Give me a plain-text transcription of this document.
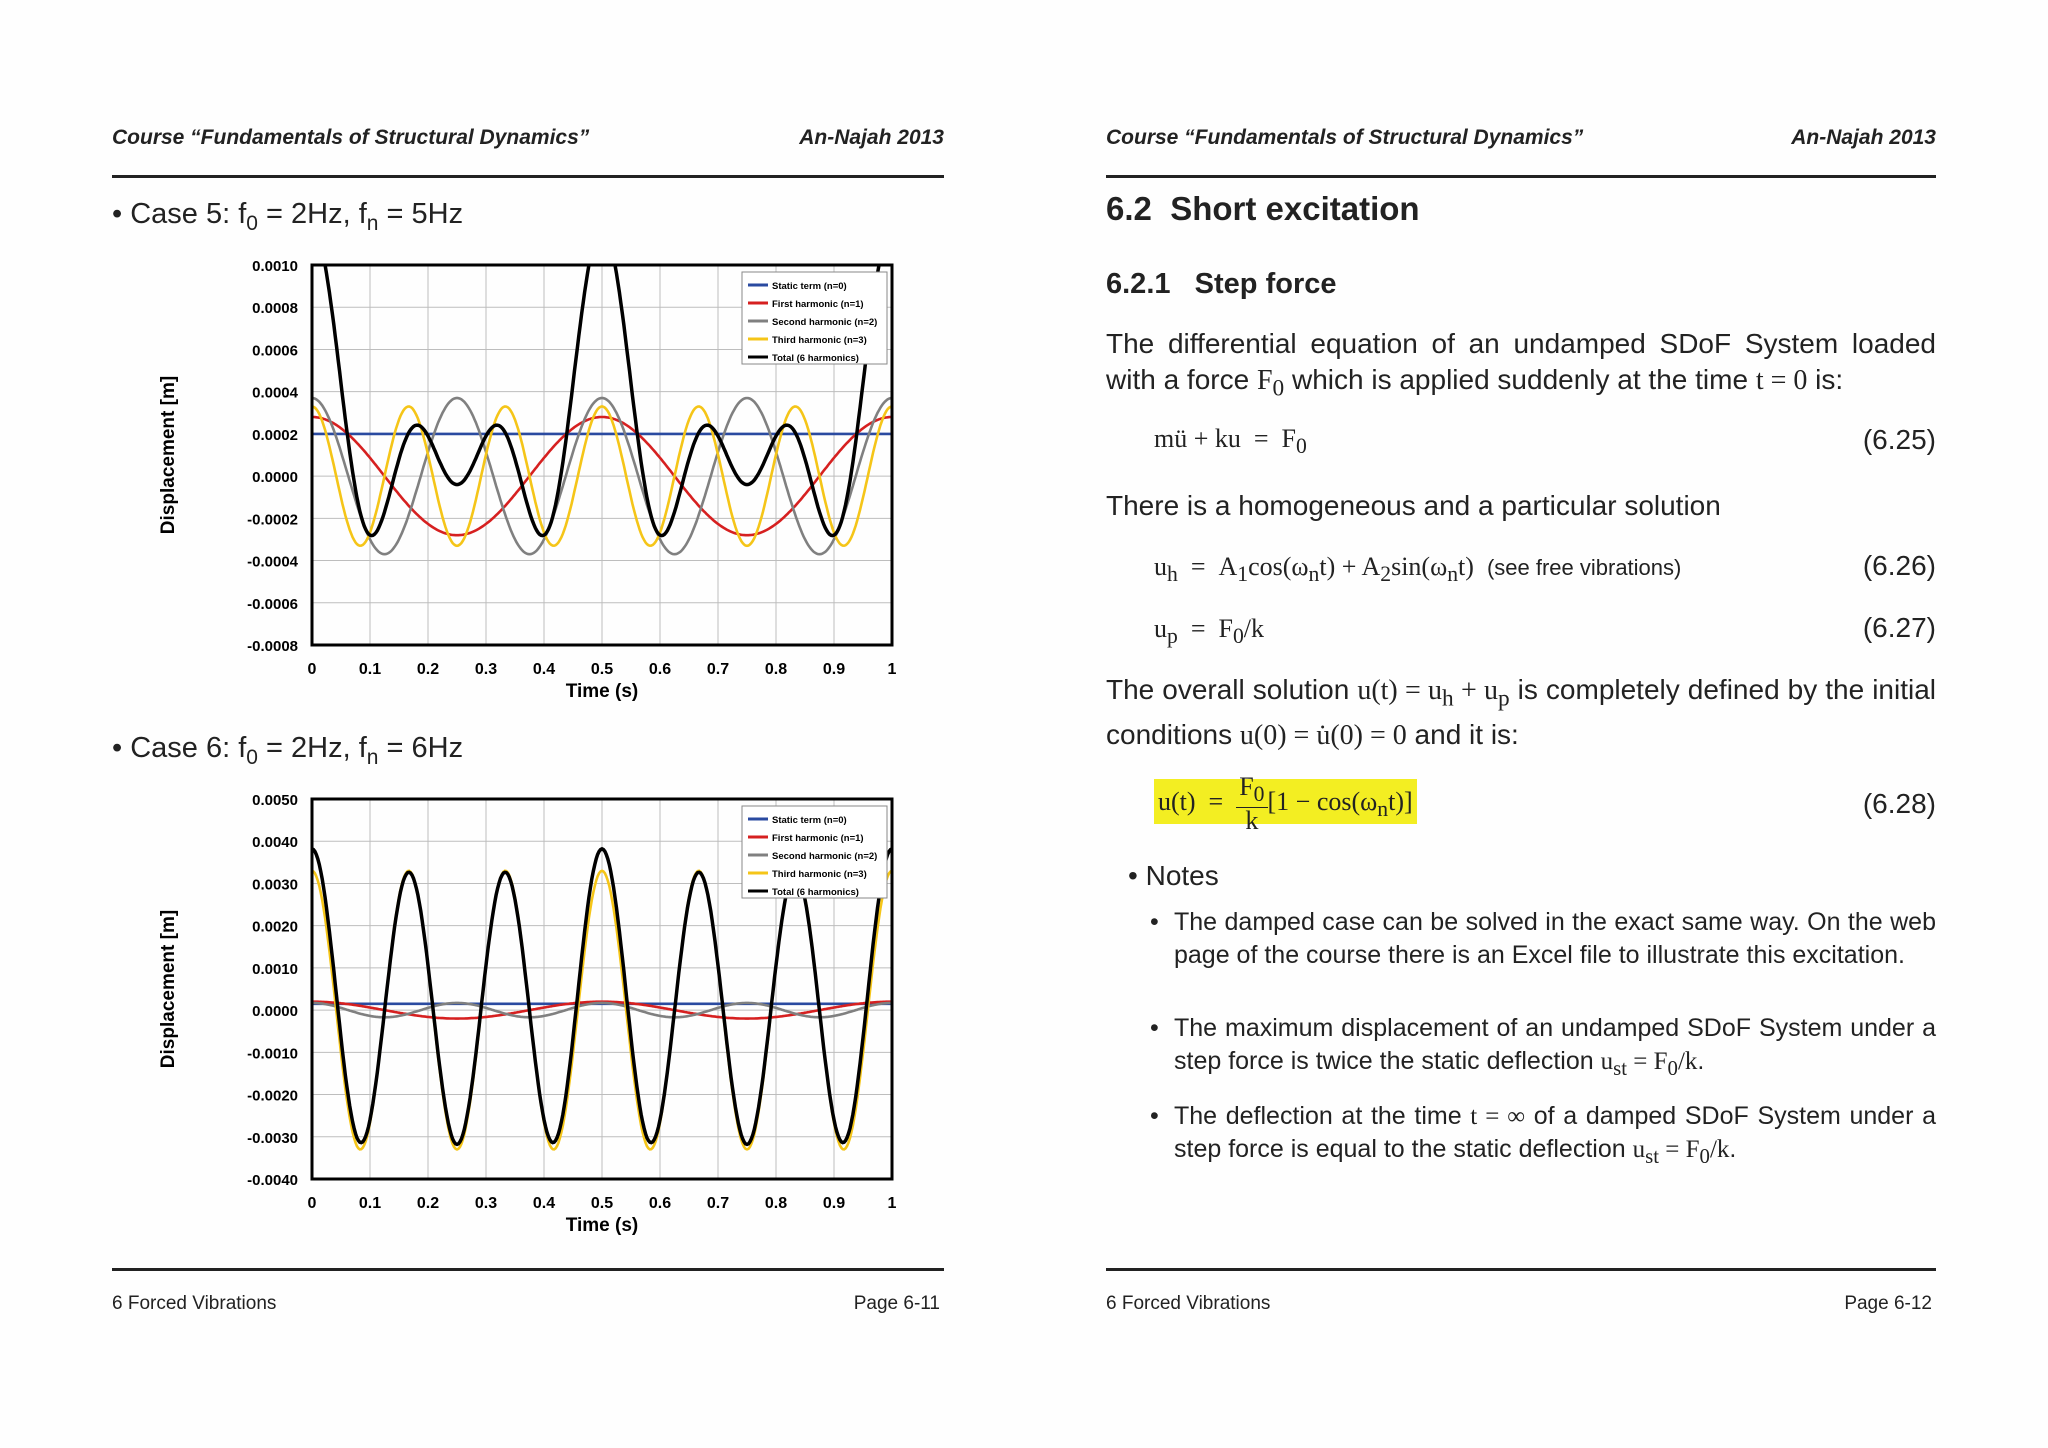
Course “Fundamentals of Structural Dynamics”	An-Najah 2013
• Case 5: $f_0 = 2Hz$, $f_n = 5Hz$
0.0010
0.0008
0.0006
0.0004
0.0002
0.0000
-0.0002
-0.0004
-0.0006
-0.0008
0	0.1 0.2 0.3 0.4 0.5 0.6 0.7 0.8 0.9	1
Static term (n=0)
First harmonic (n=1)
Second harmonic (n=2)
Third harmonic (n=3)
Total (6 harmonics)
Time (s)
Displacement [m]
• Case 6: $f_0 = 2Hz$, $f_n = 6Hz$
0.0050
0.0040
0.0030
0.0020
0.0010
0.0000
-0.0010
-0.0020
-0.0030
-0.0040
0	0.1 0.2 0.3 0.4 0.5 0.6 0.7 0.8 0.9	1
Static term (n=0)
First harmonic (n=1)
Second harmonic (n=2)
Third harmonic (n=3)
Total (6 harmonics)
Time (s)
Displacement [m]
6 Forced Vibrations	Page 6-11
Course “Fundamentals of Structural Dynamics”	An-Najah 2013
6.2 Short excitation
6.2.1 Step force
The differential equation of an undamped SDoF System loaded with a force $F_0$ which is applied suddenly at the time t = 0 is:
mü + ku  =  $F_0$	(6.25)
There is a homogeneous and a particular solution
$u_h = A_1\cos(\omega_nt) + A_2\sin(\omega_nt)$  (see free vibrations)	(6.26)
$u_p = F_0/k$	(6.27)
The overall solution $u(t) = u_h + u_p$ is completely defined by the initial conditions u(0) = u̇(0) = 0 and it is:
$u(t) = \frac{F_0}{k} [1 - \cos(\omega_nt)]$	(6.28)
• Notes
• The damped case can be solved in the exact same way. On the web page of the course there is an Excel file to illustrate this excitation.
• The maximum displacement of an undamped SDoF System under a step force is twice the static deflection $u_{st} = F_0/k$.
• The deflection at the time t = ∞ of a damped SDoF System under a step force is equal to the static deflection $u_{st} = F_0/k$.
6 Forced Vibrations	Page 6-12
